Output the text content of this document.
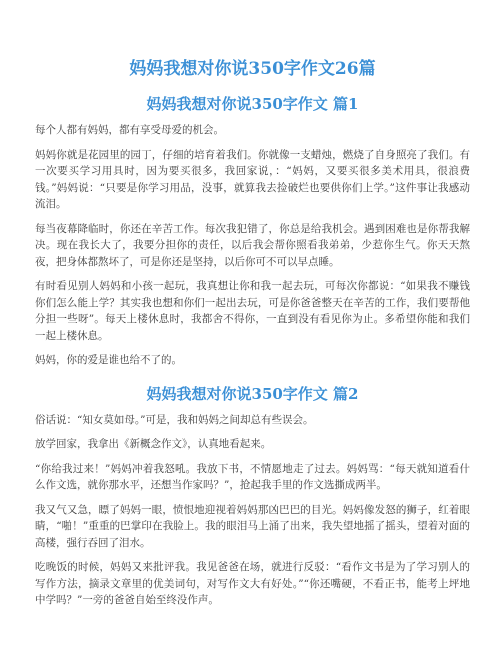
妈妈我想对你说350字作文26篇
妈妈我想对你说350字作文 篇1

每个人都有妈妈，都有享受母爱的机会。

妈妈你就是花园里的园丁，仔细的培育着我们。你就像一支蜡烛，燃烧了自身照亮了我们。有一次要买学习用具时，因为要买很多，我回家说，：“妈妈，又要买很多美术用具，很浪费钱。”妈妈说：“只要是你学习用品，没事，就算我去捡破烂也要供你们上学。”这件事让我感动流泪。

每当夜幕降临时，你还在辛苦工作。每次我犯错了，你总是给我机会。遇到困难也是你帮我解决。现在我长大了，我要分担你的责任，以后我会帮你照看我弟弟，少惹你生气。你天天熬夜，把身体都熬坏了，可是你还是坚持，以后你可不可以早点睡。

有时看见别人妈妈和小孩一起玩，我真想让你和我一起去玩，可每次你都说：“如果我不赚钱你们怎么能上学？其实我也想和你们一起出去玩，可是你爸爸整天在辛苦的工作，我们要帮他分担一些呀”。每天上楼休息时，我都舍不得你，一直到没有看见你为止。多希望你能和我们一起上楼休息。

妈妈，你的爱是谁也给不了的。

妈妈我想对你说350字作文 篇2

俗话说：“知女莫如母。”可是，我和妈妈之间却总有些误会。

放学回家，我拿出《新概念作文》，认真地看起来。

“你给我过来！”妈妈冲着我怒吼。我放下书，不情愿地走了过去。妈妈骂：“每天就知道看什么作文选，就你那水平，还想当作家吗？”，抢起我手里的作文选撕成两半。

我又气又急，瞟了妈妈一眼，愤恨地迎视着妈妈那凶巴巴的目光。妈妈像发怒的狮子，红着眼睛，“啪！”重重的巴掌印在我脸上。我的眼泪马上涌了出来，我失望地摇了摇头，望着对面的高楼，强行吞回了泪水。

吃晚饭的时候，妈妈又来批评我。我见爸爸在场，就进行反驳：“看作文书是为了学习别人的写作方法，摘录文章里的优美词句，对写作文大有好处。”“你还嘴硬，不看正书，能考上坪地中学吗？”一旁的爸爸自始至终没作声。
